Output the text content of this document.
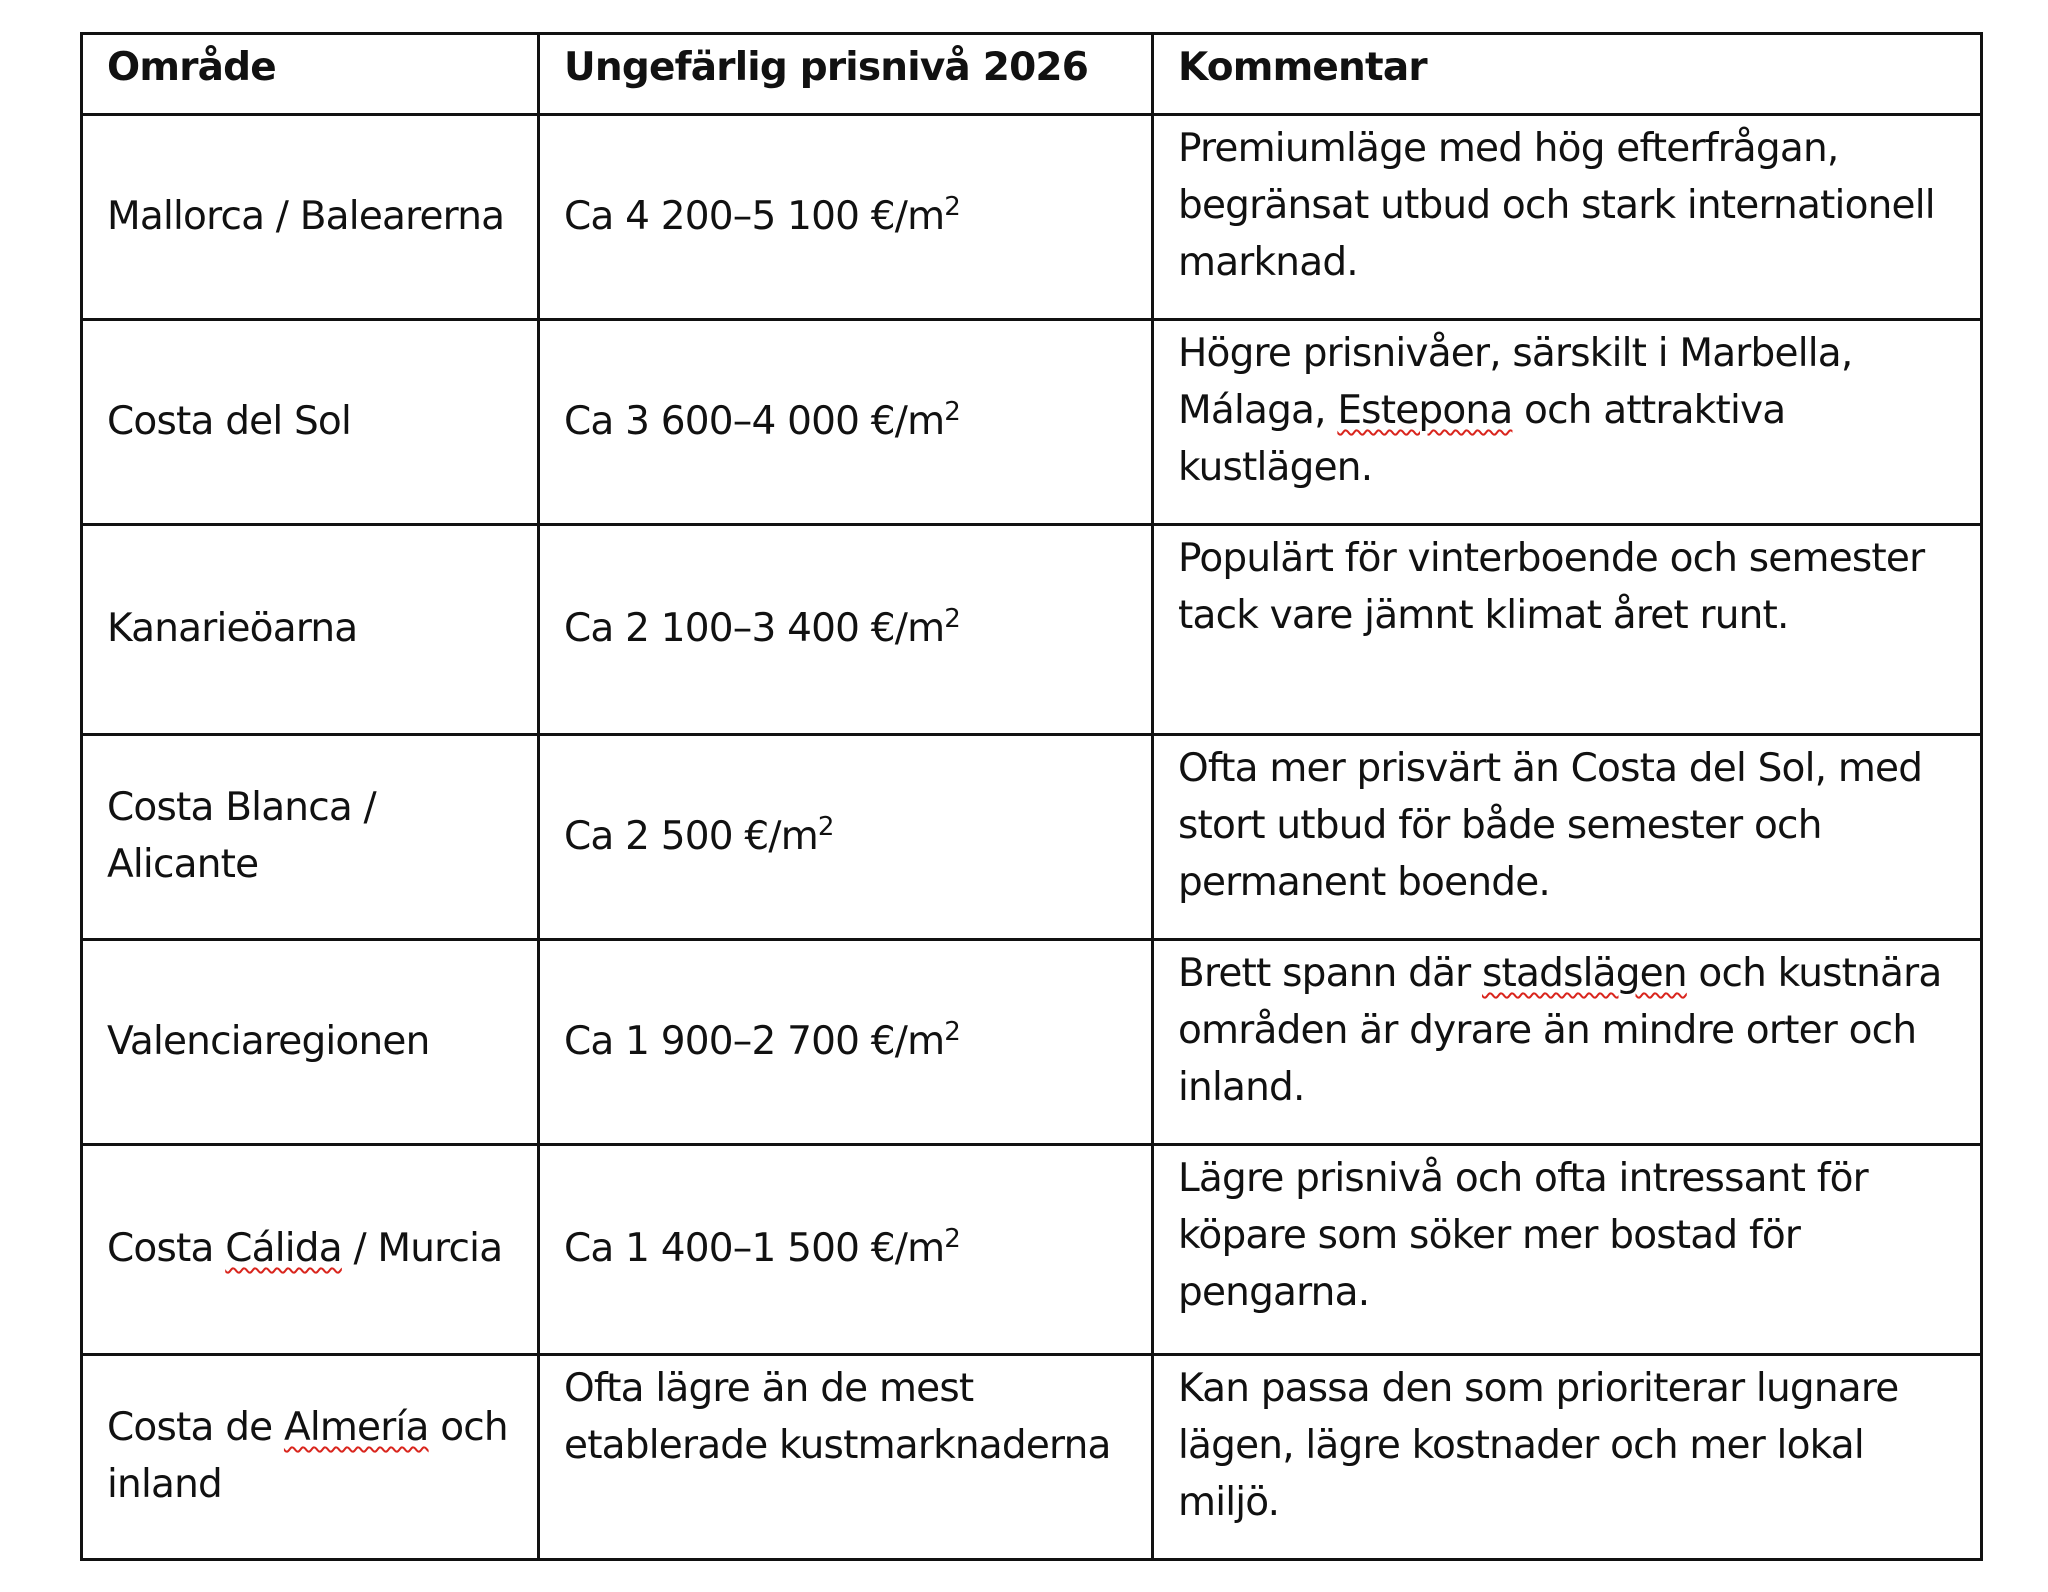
Område	Ungefärlig prisnivå 2026	Kommentar
Mallorca / Balearerna	Ca 4 200–5 100 $€/m^2$	Premiumläge med hög efterfrågan, begränsat utbud och stark internationell marknad.
Costa del Sol	Ca 3 600–4 000 $€/m^2$	Högre prisnivåer, särskilt i Marbella, Málaga, Estepona och attraktiva kustlägen.
Kanarieöarna	Ca 2 100–3 400 $€/m^2$	Populärt för vinterboende och semester tack vare jämnt klimat året runt.
Costa Blanca / Alicante	Ca 2 500 $€/m^2$	Ofta mer prisvärt än Costa del Sol, med stort utbud för både semester och permanent boende.
Valenciaregionen	Ca 1 900–2 700 $€/m^2$	Brett spann där stadslägen och kustnära områden är dyrare än mindre orter och inland.
Costa Cálida / Murcia	Ca 1 400–1 500 $€/m^2$	Lägre prisnivå och ofta intressant för köpare som söker mer bostad för pengarna.
Costa de Almería och inland	Ofta lägre än de mest etablerade kustmarknaderna	Kan passa den som prioriterar lugnare lägen, lägre kostnader och mer lokal miljö.
